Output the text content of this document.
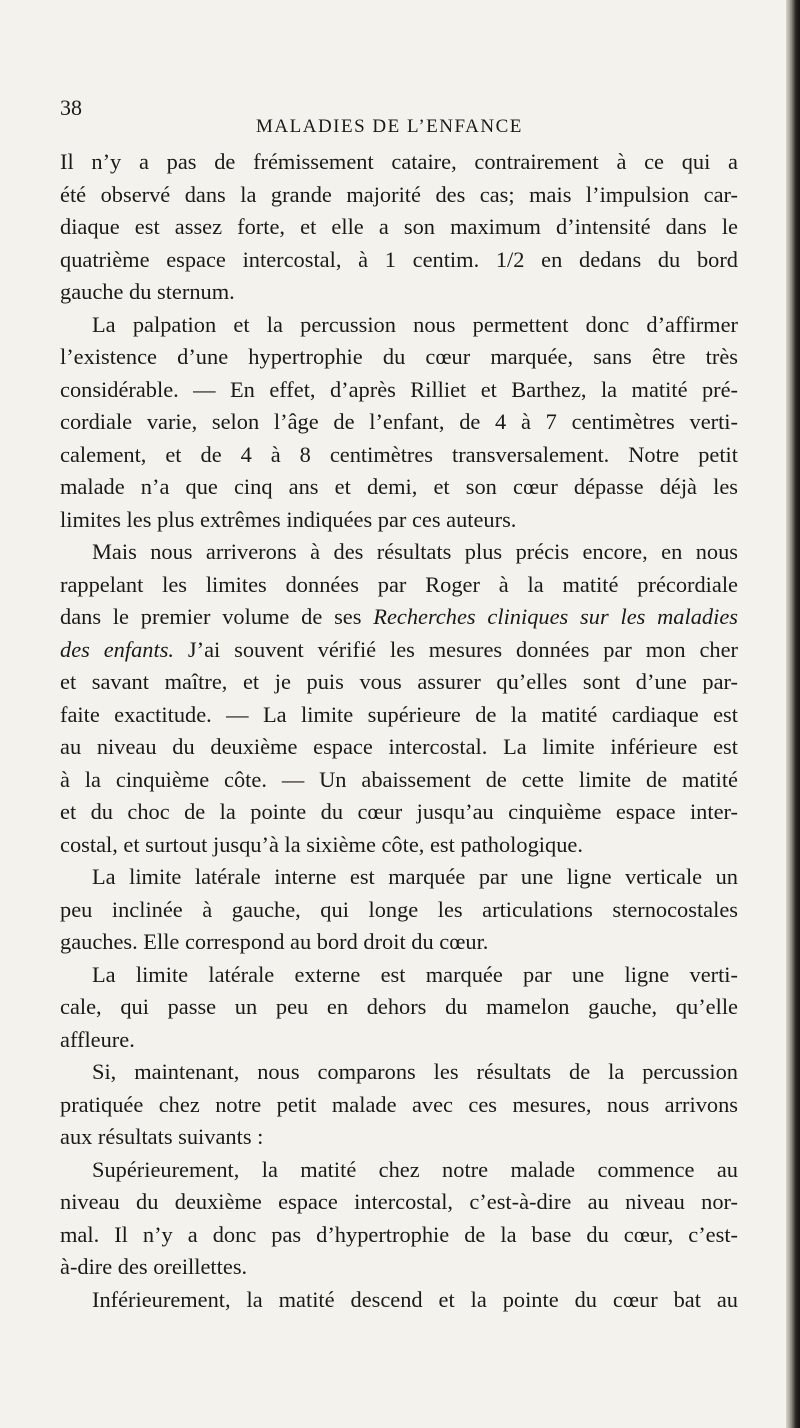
38
MALADIES DE L’ENFANCE
Il n’y a pas de frémissement cataire, contrairement à ce qui a
été observé dans la grande majorité des cas; mais l’impulsion car-
diaque est assez forte, et elle a son maximum d’intensité dans le
quatrième espace intercostal, à 1 centim. 1/2 en dedans du bord
gauche du sternum.
La palpation et la percussion nous permettent donc d’affirmer
l’existence d’une hypertrophie du cœur marquée, sans être très
considérable. — En effet, d’après Rilliet et Barthez, la matité pré-
cordiale varie, selon l’âge de l’enfant, de 4 à 7 centimètres verti-
calement, et de 4 à 8 centimètres transversalement. Notre petit
malade n’a que cinq ans et demi, et son cœur dépasse déjà les
limites les plus extrêmes indiquées par ces auteurs.
Mais nous arriverons à des résultats plus précis encore, en nous
rappelant les limites données par Roger à la matité précordiale
dans le premier volume de ses Recherches cliniques sur les maladies
des enfants. J’ai souvent vérifié les mesures données par mon cher
et savant maître, et je puis vous assurer qu’elles sont d’une par-
faite exactitude. — La limite supérieure de la matité cardiaque est
au niveau du deuxième espace intercostal. La limite inférieure est
à la cinquième côte. — Un abaissement de cette limite de matité
et du choc de la pointe du cœur jusqu’au cinquième espace inter-
costal, et surtout jusqu’à la sixième côte, est pathologique.
La limite latérale interne est marquée par une ligne verticale un
peu inclinée à gauche, qui longe les articulations sternocostales
gauches. Elle correspond au bord droit du cœur.
La limite latérale externe est marquée par une ligne verti-
cale, qui passe un peu en dehors du mamelon gauche, qu’elle
affleure.
Si, maintenant, nous comparons les résultats de la percussion
pratiquée chez notre petit malade avec ces mesures, nous arrivons
aux résultats suivants :
Supérieurement, la matité chez notre malade commence au
niveau du deuxième espace intercostal, c’est-à-dire au niveau nor-
mal. Il n’y a donc pas d’hypertrophie de la base du cœur, c’est-
à-dire des oreillettes.
Inférieurement, la matité descend et la pointe du cœur bat au
